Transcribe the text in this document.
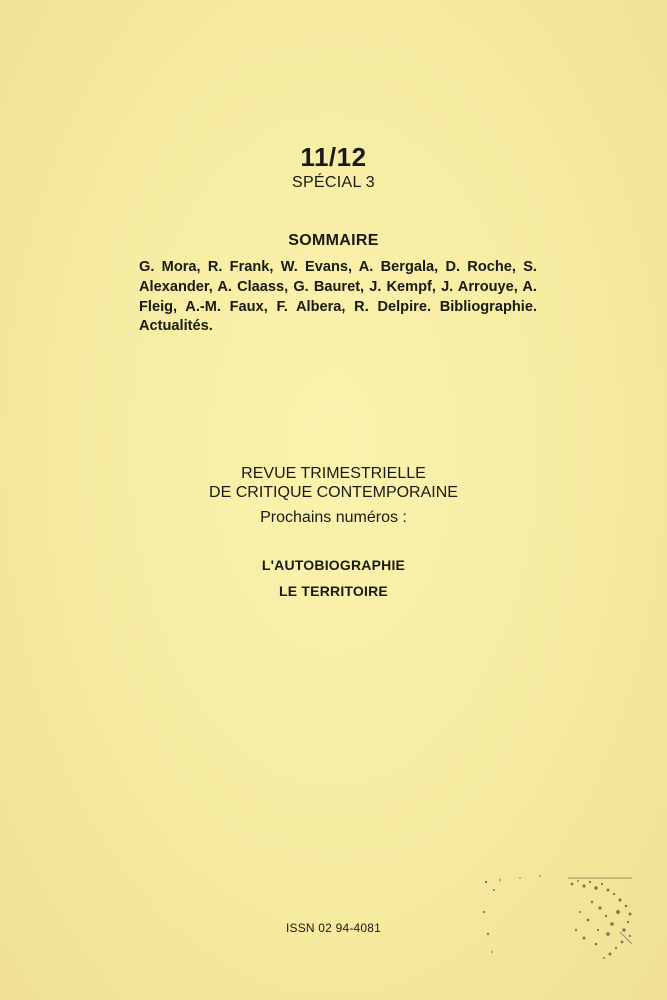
11/12
SPÉCIAL 3
SOMMAIRE
G. Mora, R. Frank, W. Evans, A. Bergala, D. Roche, S. Alexander, A. Claass, G. Bauret, J. Kempf, J. Arrouye, A. Fleig, A.-M. Faux, F. Albera, R. Delpire. Bibliographie. Actualités.
REVUE TRIMESTRIELLE
DE CRITIQUE CONTEMPORAINE
Prochains numéros :
L'AUTOBIOGRAPHIE
LE TERRITOIRE
ISSN 02 94-4081
